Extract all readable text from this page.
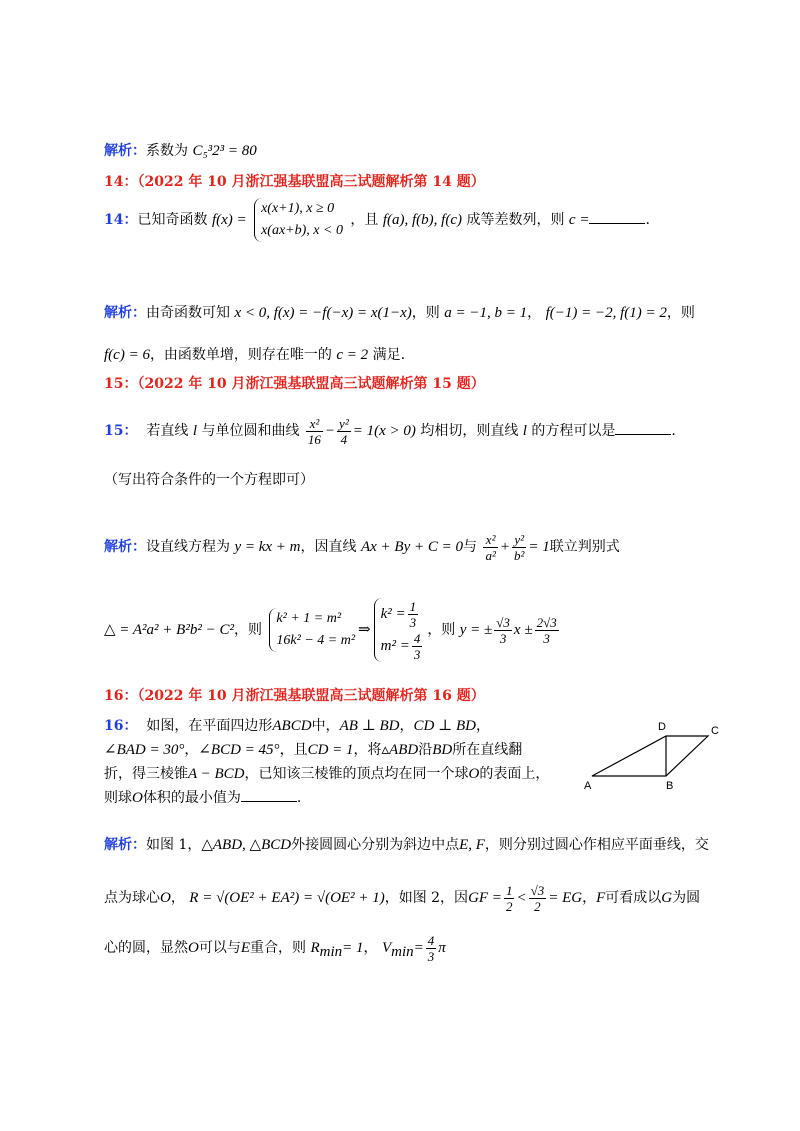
解析：系数为 C₅³2³ = 80
14：（2022 年 10 月浙江强基联盟高三试题解析第 14 题）
14：已知奇函数 f(x) =
x(x+1), x ≥ 0
x(ax+b), x < 0
，且 f(a), f(b), f(c) 成等差数列，则 c =	.
解析：由奇函数可知 x < 0, f(x) = −f(−x) = x(1−x)，则 a = −1, b = 1， f(−1) = −2, f(1) = 2，则
f(c) = 6，由函数单增，则存在唯一的 c = 2 满足.
15：（2022 年 10 月浙江强基联盟高三试题解析第 15 题）
15： 若直线 l 与单位圆和曲线 $\frac{\text{x²}}{16} - \frac{\text{y²}}{4} = 1(x > 0)$ 均相切，则直线 l 的方程可以是	.
（写出符合条件的一个方程即可）
解析：设直线方程为 y = kx + m，因直线 Ax + By + C = 0与 $\frac{\text{x²}}{\text{a²}} + \frac{\text{y²}}{\text{b²}} = 1$联立判别式
△ = A²a² + B²b² − C²，则
k² + 1 = m²
16k² − 4 = m²
⇒
$k^2 = \frac{1}{3}$
$m^2 = \frac{4}{3}$
，则 y = ± $\frac{√3}{3}$ $x \pm \frac{2√3}{3}$
16：（2022 年 10 月浙江强基联盟高三试题解析第 16 题）
16： 如图，在平面四边形ABCD中，AB ⊥ BD，CD ⊥ BD，
∠BAD = 30°，∠BCD = 45°，且CD = 1，将▵ABD沿BD所在直线翻
折，得三棱锥A − BCD，已知该三棱锥的顶点均在同一个球O的表面上，
则球O体积的最小值为	.
A	B
C
D
解析：如图 1，△ABD, △BCD外接圆圆心分别为斜边中点E, F，则分别过圆心作相应平面垂线，交
点为球心O， R = √(OE² + EA²) = √(OE² + 1)，如图 2，因GF = $\frac{1}{2} < \frac{√3}{2}$ = EG，F可看成以G为圆
心的圆，显然O可以与E重合，则 $R_{min}= 1$， $V_{min}= \frac{4}{3}$ π
